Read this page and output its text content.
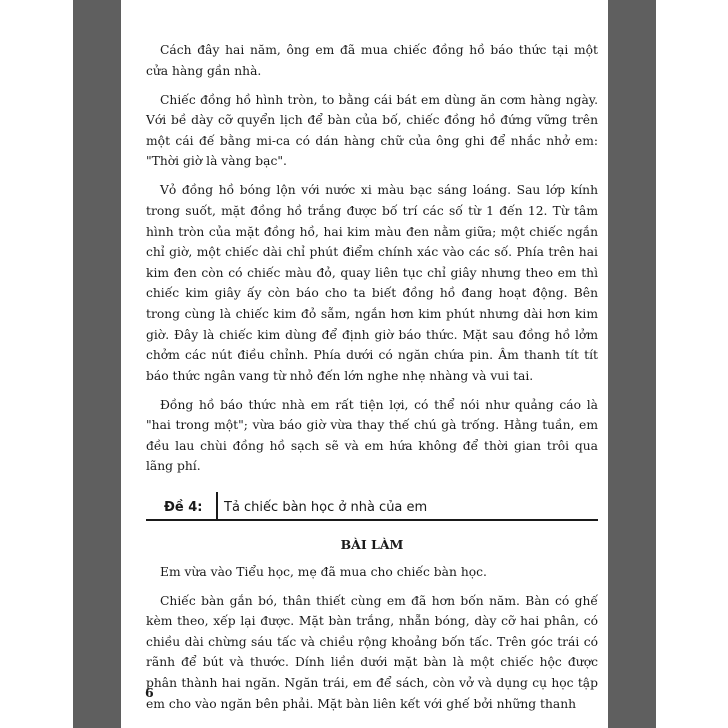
Cách đây hai năm, ông em đã mua chiếc đồng hồ báo thức tại một cửa hàng gần nhà.

Chiếc đồng hồ hình tròn, to bằng cái bát em dùng ăn cơm hàng ngày. Với bề dày cỡ quyển lịch để bàn của bố, chiếc đồng hồ đứng vững trên một cái đế bằng mi-ca có dán hàng chữ của ông ghi để nhắc nhở em: "Thời giờ là vàng bạc".

Vỏ đồng hồ bóng lộn với nước xi màu bạc sáng loáng. Sau lớp kính trong suốt, mặt đồng hồ trắng được bố trí các số từ 1 đến 12. Từ tâm hình tròn của mặt đồng hồ, hai kim màu đen nằm giữa; một chiếc ngắn chỉ giờ, một chiếc dài chỉ phút điểm chính xác vào các số. Phía trên hai kim đen còn có chiếc màu đỏ, quay liên tục chỉ giây nhưng theo em thì chiếc kim giây ấy còn báo cho ta biết đồng hồ đang hoạt động. Bên trong cùng là chiếc kim đỏ sẫm, ngắn hơn kim phút nhưng dài hơn kim giờ. Đây là chiếc kim dùng để định giờ báo thức. Mặt sau đồng hồ lởm chởm các nút điều chỉnh. Phía dưới có ngăn chứa pin. Âm thanh tít tít báo thức ngân vang từ nhỏ đến lớn nghe nhẹ nhàng và vui tai.

Đồng hồ báo thức nhà em rất tiện lợi, có thể nói như quảng cáo là "hai trong một"; vừa báo giờ vừa thay thế chú gà trống. Hằng tuần, em đều lau chùi đồng hồ sạch sẽ và em hứa không để thời gian trôi qua lãng phí.

Đề 4: Tả chiếc bàn học ở nhà của em
BÀI LÀM

Em vừa vào Tiểu học, mẹ đã mua cho chiếc bàn học.

Chiếc bàn gắn bó, thân thiết cùng em đã hơn bốn năm. Bàn có ghế kèm theo, xếp lại được. Mặt bàn trắng, nhẵn bóng, dày cỡ hai phân, có chiều dài chừng sáu tấc và chiều rộng khoảng bốn tấc. Trên góc trái có rãnh để bút và thước. Dính liền dưới mặt bàn là một chiếc hộc được phân thành hai ngăn. Ngăn trái, em để sách, còn vở và dụng cụ học tập em cho vào ngăn bên phải. Mặt bàn liên kết với ghế bởi những thanh

6
